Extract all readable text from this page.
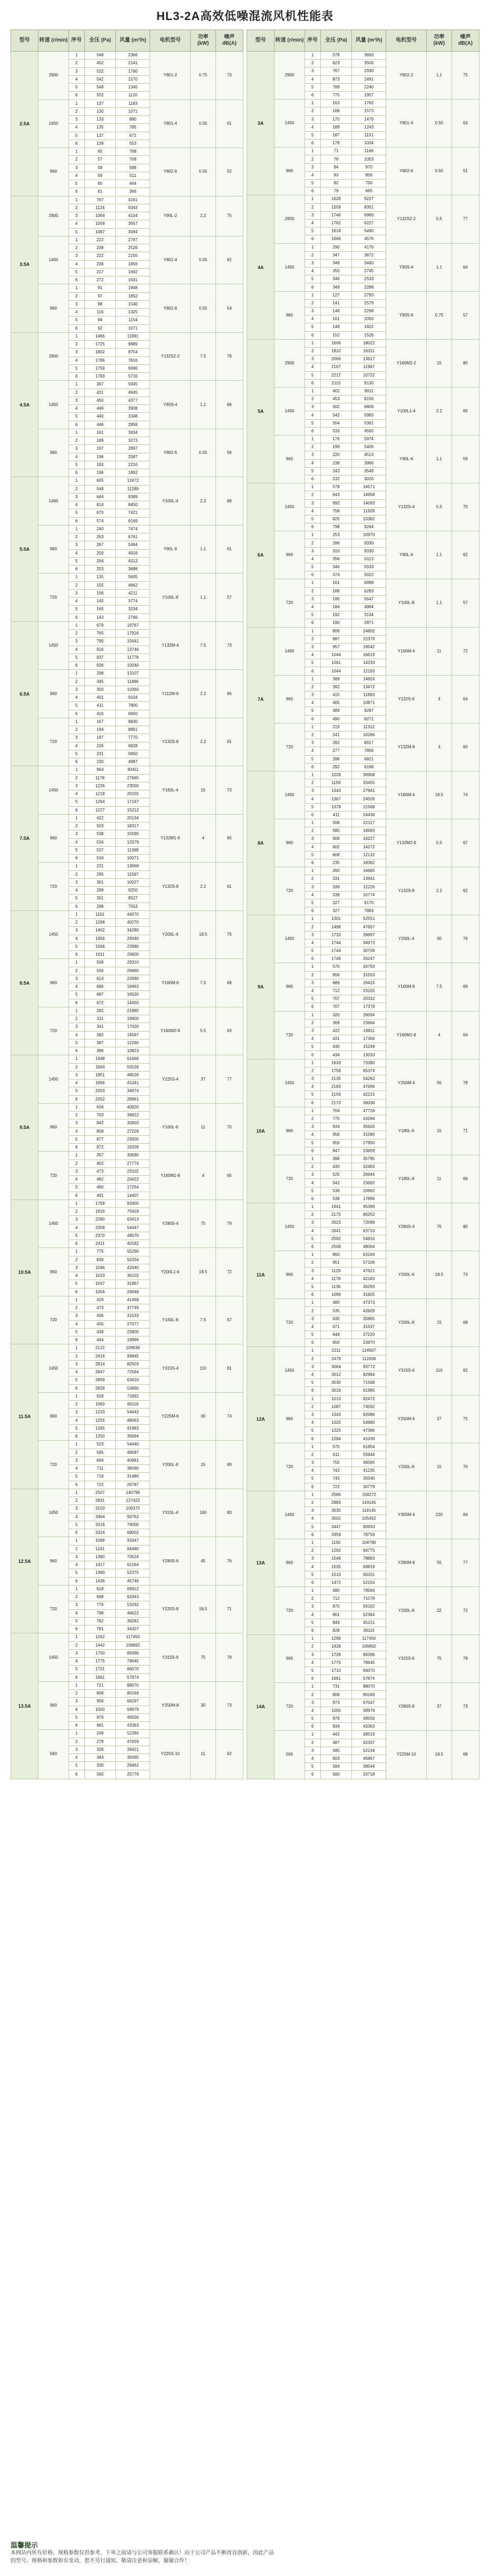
HL3-2A高效低噪混流风机性能表
型号	转速 (r/min)	序号	全压 (Pa)	风量 (m³/h)	电机型号	功率 (kW)	噪声 dB(A)
2.5A	2900	1	548	2366	Y801-2	0.75	73
		2	452	2141			
		3	532	1780			
		4	542	1570			
		5	548	1345			
		6	552	1120			
	1450	1	137	1183	Y801-4	0.55	61
		2	130	1071			
		3	133	890			
		4	135	785			
		5	137	672			
		6	139	553			
	960	1	60	768	Y802-6	0.55	52
		2	57	708			
		3	58	588			
		4	59	511			
		5	60	444			
		6	61	366			
3.5A	2900	1	767	4161	Y90L-2	2.2	75
		2	1124	5043			
		3	1064	4104			
		4	1059	3657			
		5	1087	3094			
	1450	1	222	2797	Y801-4	0.55	62
		2	238	2526			
		3	222	2155			
		4	236	1856			
		5	217	1692			
		6	272	1631			
	960	1	91	1948	Y802-6	0.55	54
		2	97	1852			
		3	98	1540			
		4	116	1325			
		5	94	1154			
		6	92	1071			
4.5A	2900	1	1466	11891	Y132S2-2	7.5	78
		2	1725	9889			
		3	1802	8754			
		4	1786	7816			
		5	1759	6696			
		6	1783	5716			
	1450	1	367	5945	Y90S-4	1.1	66
		2	431	4945			
		3	450	4377			
		4	446	3908			
		5	440	3348			
		6	446	2858			
	960	1	161	3934	Y802-6	0.55	56
		2	189	3273			
		3	197	2897			
		4	196	2587			
		5	193	2216			
		6	196	1892			
5.5A	1460	1	605	12472	Y100L-4	2.2	68
		2	548	11289			
		3	644	9389			
		4	614	8450			
		5	670	7421			
		6	574	6169			
	960	1	240	7474	Y90L-6	1.1	61
		2	263	6761			
		3	267	5484			
		4	259	4918			
		5	294	4313			
		6	253	3688			
	720	1	135	5605	Y100L-8	1.1	57
		2	155	4662			
		3	156	4211			
		4	145	3774			
		5	165	3234			
		6	143	2766			
6.5A	1450	1	679	19767	Y132M-4	7.5	73
		2	765	17916			
		3	790	15641			
		4	916	13746			
		5	937	11778			
		6	936	10040			
	960	1	298	13107	Y112M-6	2.2	65
		2	345	11866			
		3	350	10360			
		4	401	9104			
		5	411	7800			
		6	410	6650			
	720	1	167	9830	Y132S-8	2.2	61
		2	194	8891			
		3	197	7770			
		4	226	6828			
		5	231	5850			
		6	230	4987			
7.5A	1450	1	964	30411	Y160L-4	15	73
		2	1178	27665			
		3	1226	23550			
		4	1219	20155			
		5	1264	17167			
		6	1227	15212			
	960	1	422	20134	Y132M1-6	4	65
		2	503	18317			
		3	538	15590			
		4	534	13379			
		5	537	11368			
		6	534	10071			
	720	1	221	13668	Y132S-8	2.2	61
		2	295	11567			
		3	301	10027			
		4	298	9250			
		5	301	8527			
		6	298	7553			
8.5A	1450	1	1161	44270	Y200L-4	18.5	75
		2	1268	40270			
		3	1402	34280			
		4	1456	29340			
		5	1566	23990			
		6	1611	20600			
	960	1	509	29310	Y160M-6	7.5	68
		2	556	26660			
		3	614	22690			
		4	686	19463			
		5	687	16520			
		6	672	14450			
	720	1	282	21985	Y160M2-8	5.5	63
		2	311	19900			
		3	341	17020			
		4	382	14597			
		5	387	12260			
		6	386	10823			
9.5A	1450	1	1448	61666	Y225S-4	37	77
		2	1604	55526			
		3	1951	48526			
		4	1956	41041			
		5	2053	34674			
		6	2052	28961			
	960	1	634	40920	Y160L-6	11	70
		2	703	36822			
		3	842	30803			
		4	858	27229			
		5	877	23005			
		6	872	19209			
	720	1	357	30690	Y160M1-8	4	65
		2	402	27774			
		3	473	23102			
		4	482	20422			
		5	490	17254			
		6	491	14407			
10.5A	1450	1	1769	83400	Y280S-4	75	79
		2	1916	75918			
		3	2390	63413			
		4	2358	54447			
		5	2370	48070			
		6	2411	40182			
	960	1	775	55290	Y200L1-6	18.5	72
		2	839	50334			
		3	1046	42040			
		4	1033	36102			
		5	1047	31867			
		6	1056	26648			
	720	1	429	41468	Y160L-8	7.5	67
		2	473	37749			
		3	436	31533			
		4	435	27077			
		5	439	23900			
		6	444	19966			
11.5A	1450	1	2122	109636	Y315S-4	110	81
		2	2416	99845			
		3	2814	82503			
		4	2847	72564			
		5	2859	63410			
		6	2828	53860			
	960	1	928	72692	Y225M-6	30	74
		2	1060	66116			
		3	1233	54642			
		4	1255	48063			
		5	1265	41983			
		6	1250	35694			
	720	1	523	54440	Y200L-8	15	69
		2	595	49587			
		3	694	40981			
		4	711	36090			
		5	719	31486			
		6	722	26787			
12.5A	1450	1	2507	140796	Y315L-4	160	83
		2	2831	127422			
		3	3150	106375			
		4	3464	93762			
		5	3318	79000			
		6	3324	69002			
	960	1	1099	93347	Y280S-6	45	76
		2	1241	84480			
		3	1380	70524			
		4	1417	62164			
		5	1390	52375			
		6	1436	45746			
	720	1	618	69912	Y225S-8	18.5	71
		2	698	63343			
		3	776	53292			
		4	798	46622			
		5	782	39281			
		6	781	34307			
13.5A	1450	1	1262	117450	Y315S-6	75	78
		2	1442	106892			
		3	1700	89396			
		4	1775	78645			
		5	1721	66070			
		6	1661	57874			
	960	1	721	88070	Y250M-8	30	73
		2	808	80169			
		3	956	66297			
		4	1000	58979			
		5	979	49556			
		6	981	43363			
	560	1	249	52394	Y225S-10	11	62
		2	279	47659			
		3	328	39421			
		4	344	35065			
		5	330	29462			
		6	560	25779			
型号	转速 (r/min)	序号	全压 (Pa)	风量 (m³/h)	电机型号	功率 (kW)	噪声 dB(A)
3A	2900	1	578	3693	Y802-2	1.1	75
		2	623	3506			
		3	767	2930			
		4	873	2491			
		5	789	2240			
		6	775	1957			
	1450	1	163	1762	Y801-4	0.55	63
		2	168	1573			
		3	170	1479			
		4	189	1243			
		5	187	1151			
		6	178	1004			
	960	1	71	1166	Y802-6	0.55	51
		2	76	1053			
		3	84	970			
		4	83	856			
		5	82	750			
		6	79	665			
4A	2900	1	1628	9227	Y132S2-2	5.5	77
		2	1559	8351			
		3	1746	6960			
		4	1762	6227			
		5	1618	5490			
		6	1669	4576			
	1450	1	290	4176	Y90S-4	1.1	64
		2	347	3872			
		3	348	3480			
		4	355	2745			
		5	346	2533			
		6	349	2288			
	960	1	127	2793	Y90S-6	0.75	57
		2	141	2579			
		3	148	2298			
		4	161	2050			
		5	148	1822			
		6	152	1526			
5A	2900	1	1606	18022	Y160M2-2	15	80
		2	1810	16311			
		3	2006	13617			
		4	2167	11967			
		5	2217	10722			
		6	2115	9130			
	1450	1	402	9011	Y100L1-4	2.2	65
		2	453	8156			
		3	502	6808			
		4	542	5983			
		5	554	5361			
		6	533	4565			
	960	1	176	5974	Y90L-6	1.1	59
		2	199	5406			
		3	220	4513			
		4	238	3966			
		5	243	3549			
		6	232	3026			
6A	1450	1	578	16571	Y132S-4	5.5	70
		2	643	14958			
		3	692	14093			
		4	758	11928			
		5	825	10362			
		6	798	9264			
	960	1	253	10970	Y90L-6	1.1	62
		2	286	9330			
		3	310	8330			
		4	356	6113			
		5	346	5533			
		6	374	5022			
	720	1	161	6998	Y100L-8	1.1	57
		2	188	6283			
		3	195	5547			
		4	184	4964			
		5	192	3134			
		6	190	2871			
7A	1450	1	806	24802	Y160M-4	11	72
		2	887	22379			
		3	957	19542			
		4	1044	16619			
		5	1061	14233			
		6	1044	12193			
	960	1	389	14816	Y132S-6	3	64
		2	392	13472			
		3	415	11893			
		4	465	10871			
		5	489	9287			
		6	490	8271			
	720	1	219	11312	Y132M-8	3	60
		2	241	10266			
		3	282	8917			
		4	277	7856			
		5	286	6821			
		6	292	6168			
8A	1450	1	1028	36908	Y180M-4	18.5	74
		2	1159	33455			
		3	1343	27941			
		4	1367	24509			
		5	1378	21568			
		6	411	24436			
	960	1	508	22117	Y132M2-6	5.5	67
		2	585	18493			
		3	608	16227			
		4	602	14272			
		5	608	12132			
		6	235	18382			
	720	1	260	16665	Y132S-8	2.2	62
		2	331	13941			
		3	339	12226			
		4	339	10774			
		5	327	9170			
		6	327	7883			
9A	1450	1	1301	52551	Y200L-4	30	76
		2	1498	47657			
		3	1733	39897			
		4	1744	34973			
		5	1744	30709			
		6	1746	26247			
	960	1	570	34793	Y160M-6	7.5	69
		2	656	31553			
		3	689	26415			
		4	712	23155			
		5	707	20332			
		6	707	17378			
	720	1	320	26094	Y160M1-8	4	64
		2	369	23664			
		3	422	19811			
		4	431	17366			
		5	430	15249			
		6	434	13033			
10A	1450	1	1633	72080	Y250M-4	55	78
		2	1758	65374			
		3	2135	54262			
		4	2183	47696			
		5	2159	42215			
		6	2170	36036			
	960	1	704	47726	Y180L-6	15	71
		2	770	43284			
		3	934	35926			
		4	956	31580			
		5	959	27950			
		6	947	23859			
	720	1	398	35795	Y180L-8	11	66
		2	430	32463			
		3	525	26944			
		4	542	23692			
		5	539	20962			
		6	538	17896			
11A	1450	1	1941	95399	Y280S-4	75	80
		2	2170	86252			
		3	2623	72099			
		4	2641	63710			
		5	2592	54816			
		6	2508	48064			
	960	1	860	63164	Y200L-6	18.5	73
		2	951	57106			
		3	1129	47621			
		4	1178	42183			
		5	1136	36293			
		6	1099	31825			
	720	1	480	47373	Y200L-8	15	68
		2	535	42829			
		3	635	35865			
		4	671	31637			
		5	648	27220			
		6	650	23870			
12A	1450	1	2211	124567	Y315S-4	110	82
		2	2479	112658			
		3	3064	93772			
		4	3012	82994			
		5	3030	71568			
		6	3019	61985			
	960	1	1013	82472	Y250M-6	37	75
		2	1087	74592			
		3	1343	62086			
		4	1320	54980			
		5	1325	47386			
		6	1284	41039			
	720	1	570	61854	Y200L-8	15	70
		2	611	55944			
		3	755	46565			
		4	742	41235			
		5	745	35540			
		6	722	30779			
13A	1450	1	2586	158272	Y355M-4	220	84
		2	2883	143145			
		3	3530	119145			
		4	3502	105452			
		5	3447	90933			
		6	3359	78759			
	960	1	1192	104790	Y280M-6	55	77
		2	1262	94775			
		3	1546	78883			
		4	1535	69819			
		5	1510	60201			
		6	1472	52154			
	720	1	680	78594	Y200L-8	22	72
		2	712	71078			
		3	870	59162			
		4	861	52364			
		5	849	45151			
		6	828	39115			
14A	960	1	1296	117450	Y315S-6	75	78
		2	1428	106892			
		3	1739	89396			
		4	1775	78645			
		5	1710	66070			
		6	1661	57874			
	720	1	731	88070	Y280S-8	37	73
		2	808	80169			
		3	973	67047			
		4	1000	58979			
		5	979	49556			
		6	934	43363			
	560	1	442	68519	Y225M-10	18.5	68
		2	487	62337			
		3	585	52134			
		4	603	45867			
		5	584	38544			
		6	560	33718			
温馨提示
本网站内所有价格、规格参数仅供参考，下单之前请与公司客服联系确认！由于公司产品不断改良创新，因此产品
的型号、规格和参数如有变动，恕不另行通知，敬请注意和谅解，谢谢合作！
